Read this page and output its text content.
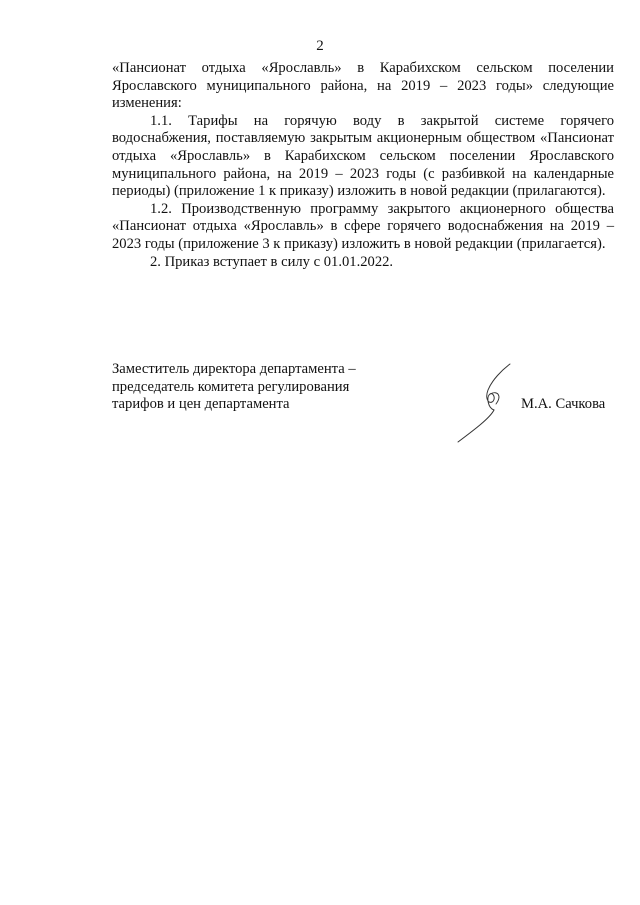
2

«Пансионат отдыха «Ярославль» в Карабихском сельском поселении Ярославского муниципального района, на 2019 – 2023 годы» следующие изменения:

1.1. Тарифы на горячую воду в закрытой системе горячего водоснабжения, поставляемую закрытым акционерным обществом «Пансионат отдыха «Ярославль» в Карабихском сельском поселении Ярославского муниципального района, на 2019 – 2023 годы (с разбивкой на календарные периоды) (приложение 1 к приказу) изложить в новой редакции (прилагаются).

1.2. Производственную программу закрытого акционерного общества «Пансионат отдыха «Ярославль» в сфере горячего водоснабжения на 2019 – 2023 годы (приложение 3 к приказу) изложить в новой редакции (прилагается).

2. Приказ вступает в силу с 01.01.2022.

Заместитель директора департамента –
председатель комитета регулирования
тарифов и цен департамента	М.А. Сачкова
